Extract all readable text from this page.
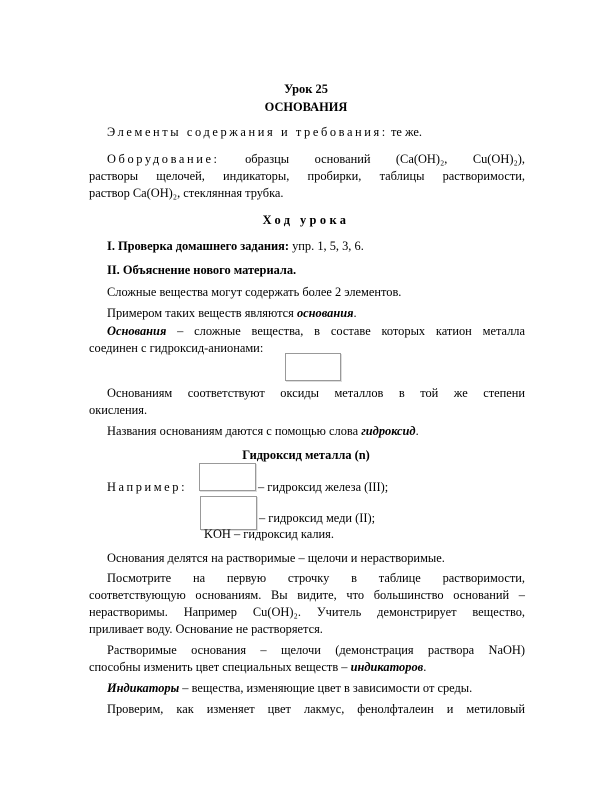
Урок 25
ОСНОВАНИЯ
Элементы содержания и требования: те же.
Оборудование: образцы оснований (Ca(OH)₂, Cu(OH)₂),
растворы щелочей, индикаторы, пробирки, таблицы растворимости,
раствор Ca(OH)₂, стеклянная трубка.
Ход урока
I. Проверка домашнего задания: упр. 1, 5, 3, 6.
II. Объяснение нового материала.
Сложные вещества могут содержать более 2 элементов.
Примером таких веществ являются основания.
Основания – сложные вещества, в составе которых катион металла
соединен с гидроксид-анионами:
Основаниям соответствуют оксиды металлов в той же степени
окисления.
Названия основаниям даются с помощью слова гидроксид.
Гидроксид металла (n)
Например:	– гидроксид железа (III);
– гидроксид меди (II);
KOH – гидроксид калия.
Основания делятся на растворимые – щелочи и нерастворимые.
Посмотрите на первую строчку в таблице растворимости,
соответствующую основаниям. Вы видите, что большинство оснований –
нерастворимы. Например Cu(OH)₂. Учитель демонстрирует вещество,
приливает воду. Основание не растворяется.
Растворимые основания – щелочи (демонстрация раствора NaOH)
способны изменить цвет специальных веществ – индикаторов.
Индикаторы – вещества, изменяющие цвет в зависимости от среды.
Проверим, как изменяет цвет лакмус, фенолфталеин и метиловый
